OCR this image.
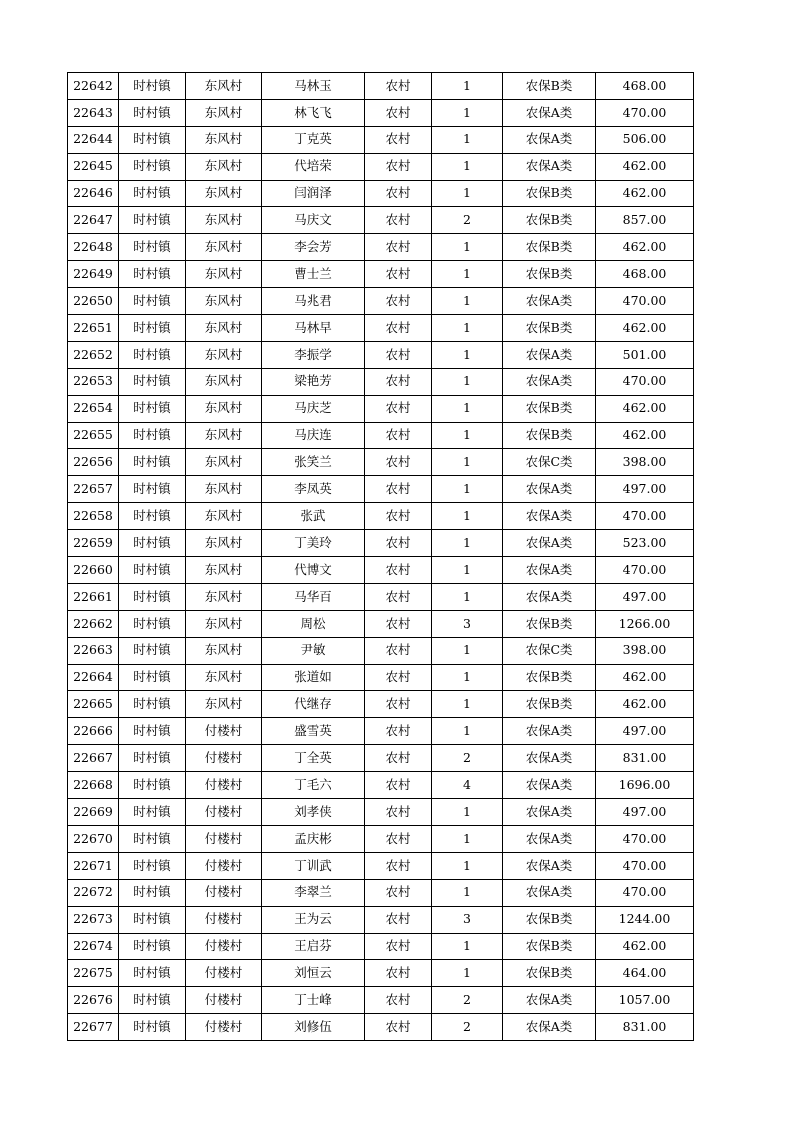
22642	时村镇	东风村	马林玉	农村	1	农保B类	468.00
22643	时村镇	东风村	林飞飞	农村	1	农保A类	470.00
22644	时村镇	东风村	丁克英	农村	1	农保A类	506.00
22645	时村镇	东风村	代培荣	农村	1	农保A类	462.00
22646	时村镇	东风村	闫润泽	农村	1	农保B类	462.00
22647	时村镇	东风村	马庆文	农村	2	农保B类	857.00
22648	时村镇	东风村	李会芳	农村	1	农保B类	462.00
22649	时村镇	东风村	曹士兰	农村	1	农保B类	468.00
22650	时村镇	东风村	马兆君	农村	1	农保A类	470.00
22651	时村镇	东风村	马林早	农村	1	农保B类	462.00
22652	时村镇	东风村	李振学	农村	1	农保A类	501.00
22653	时村镇	东风村	梁艳芳	农村	1	农保A类	470.00
22654	时村镇	东风村	马庆芝	农村	1	农保B类	462.00
22655	时村镇	东风村	马庆连	农村	1	农保B类	462.00
22656	时村镇	东风村	张笑兰	农村	1	农保C类	398.00
22657	时村镇	东风村	李凤英	农村	1	农保A类	497.00
22658	时村镇	东风村	张武	农村	1	农保A类	470.00
22659	时村镇	东风村	丁美玲	农村	1	农保A类	523.00
22660	时村镇	东风村	代博文	农村	1	农保A类	470.00
22661	时村镇	东风村	马华百	农村	1	农保A类	497.00
22662	时村镇	东风村	周松	农村	3	农保B类	1266.00
22663	时村镇	东风村	尹敏	农村	1	农保C类	398.00
22664	时村镇	东风村	张道如	农村	1	农保B类	462.00
22665	时村镇	东风村	代继存	农村	1	农保B类	462.00
22666	时村镇	付楼村	盛雪英	农村	1	农保A类	497.00
22667	时村镇	付楼村	丁全英	农村	2	农保A类	831.00
22668	时村镇	付楼村	丁毛六	农村	4	农保A类	1696.00
22669	时村镇	付楼村	刘孝侠	农村	1	农保A类	497.00
22670	时村镇	付楼村	孟庆彬	农村	1	农保A类	470.00
22671	时村镇	付楼村	丁训武	农村	1	农保A类	470.00
22672	时村镇	付楼村	李翠兰	农村	1	农保A类	470.00
22673	时村镇	付楼村	王为云	农村	3	农保B类	1244.00
22674	时村镇	付楼村	王启芬	农村	1	农保B类	462.00
22675	时村镇	付楼村	刘恒云	农村	1	农保B类	464.00
22676	时村镇	付楼村	丁士峰	农村	2	农保A类	1057.00
22677	时村镇	付楼村	刘修伍	农村	2	农保A类	831.00
